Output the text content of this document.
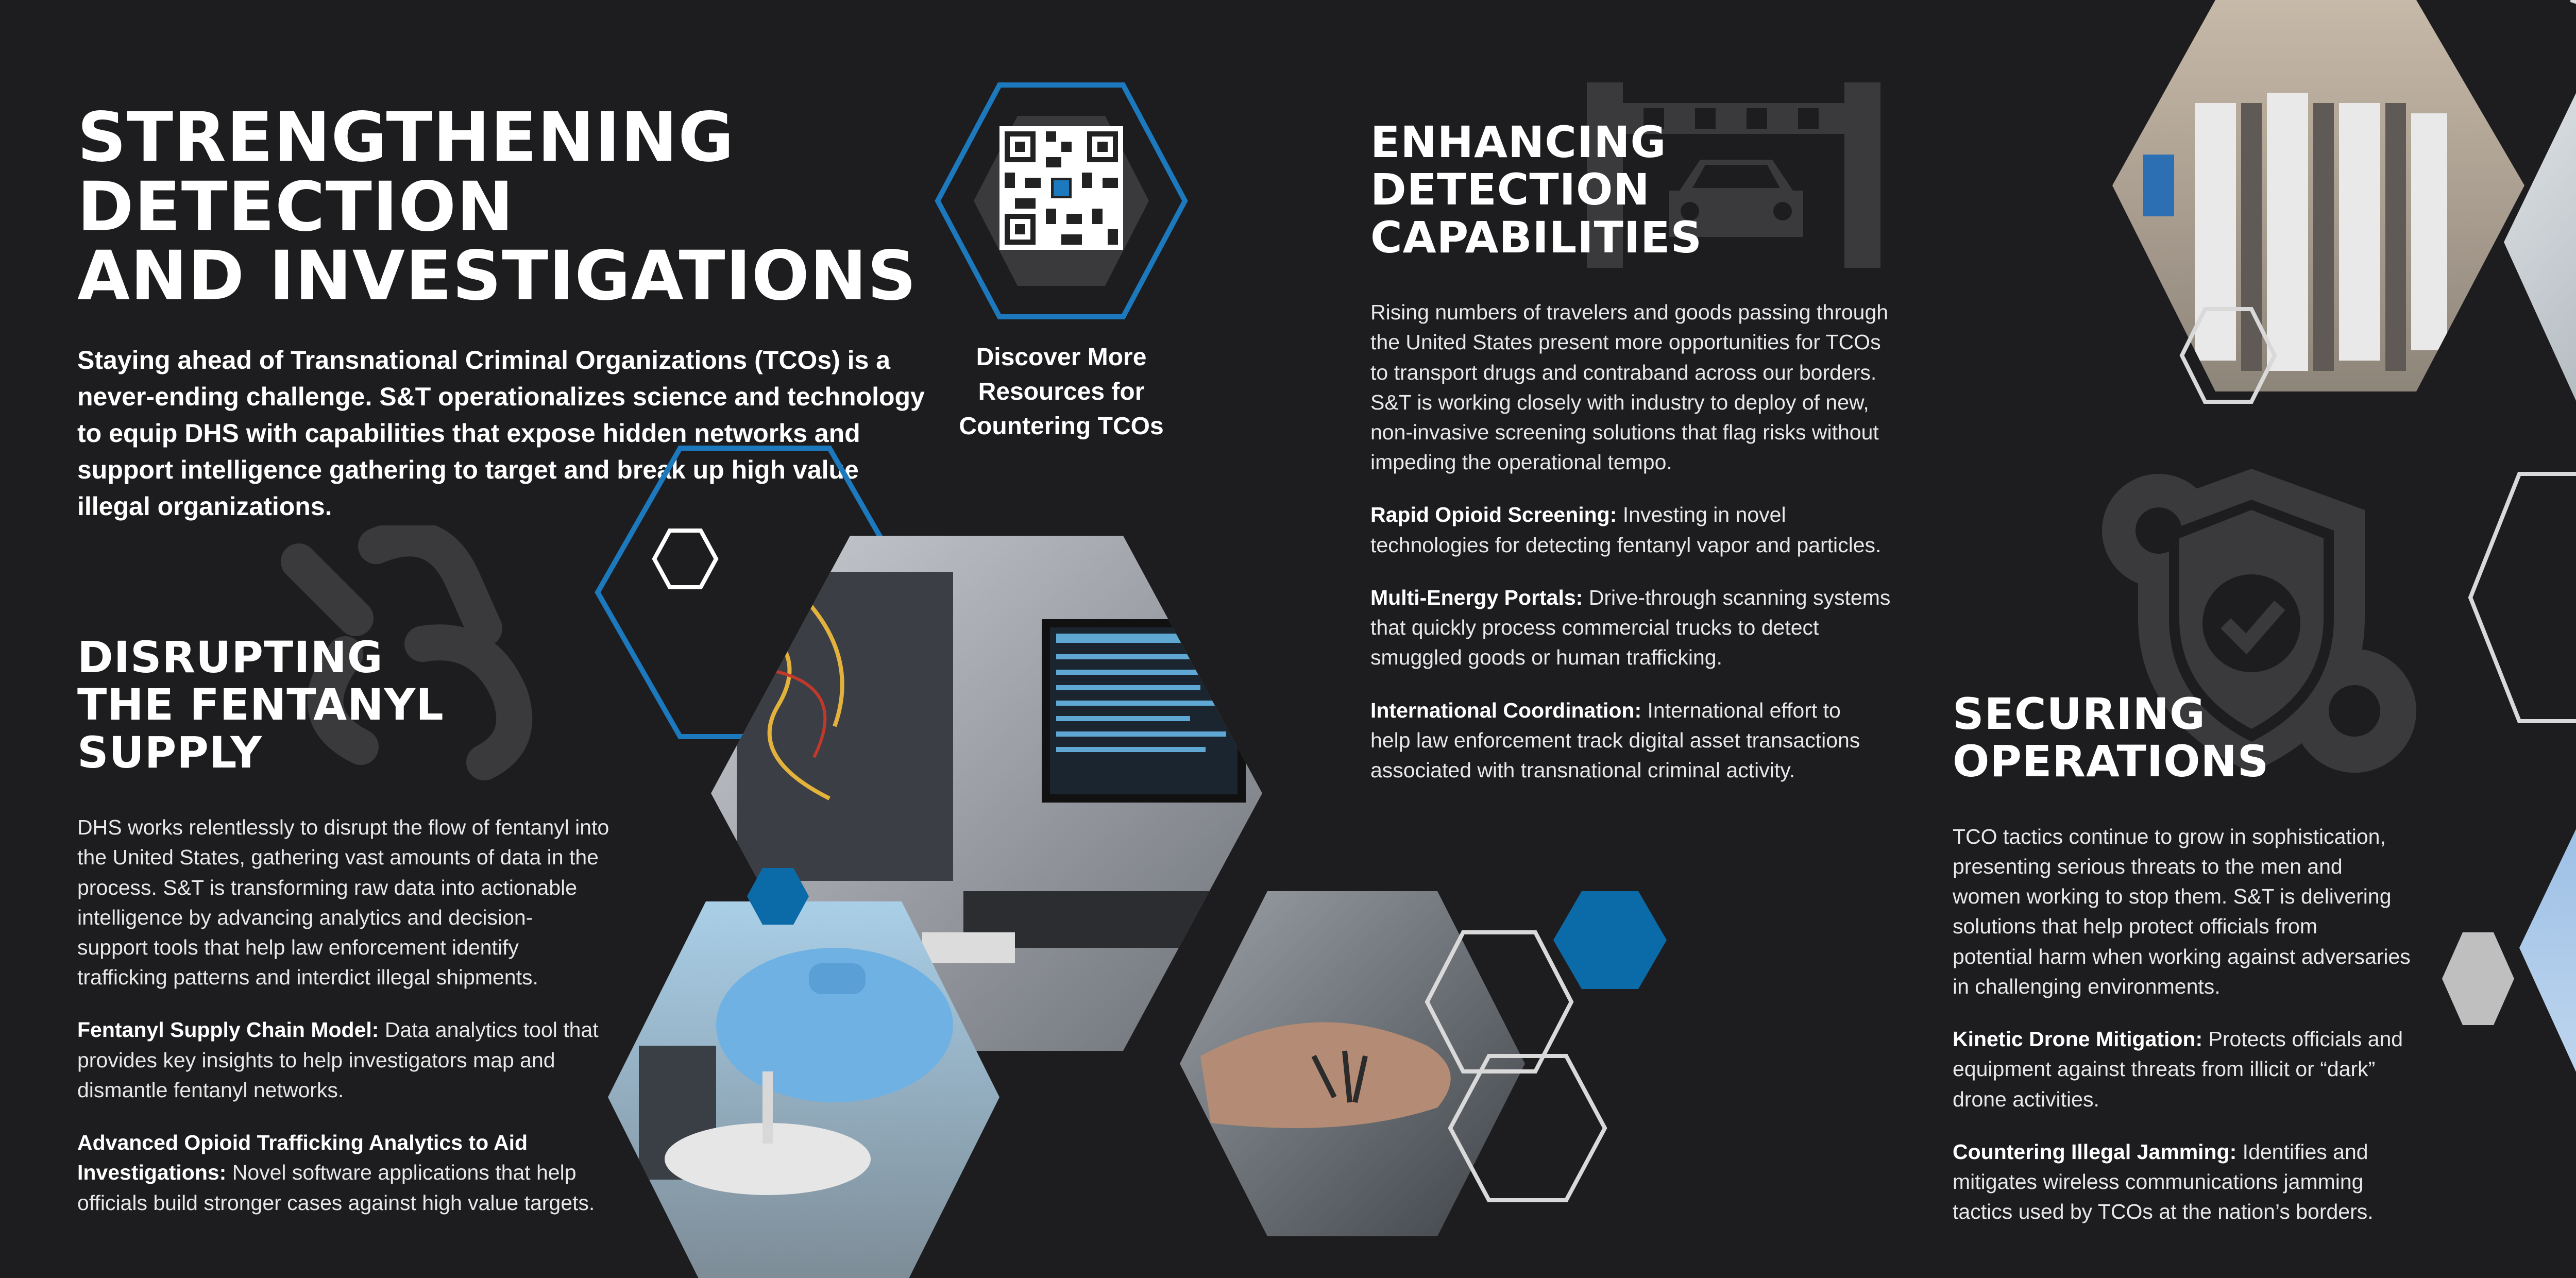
STRENGTHENING DETECTION
AND INVESTIGATIONS

Staying ahead of Transnational Criminal Organizations (TCOs) is a
never-ending challenge. S&T operationalizes science and technology
to equip DHS with capabilities that expose hidden networks and
support intelligence gathering to target and break up high value
illegal organizations.

Discover More
Resources for
Countering TCOs
DISRUPTING
THE FENTANYL
SUPPLY

DHS works relentlessly to disrupt the flow of fentanyl into
the United States, gathering vast amounts of data in the
process. S&T is transforming raw data into actionable
intelligence by advancing analytics and decision-
support tools that help law enforcement identify
trafficking patterns and interdict illegal shipments.

Fentanyl Supply Chain Model: Data analytics tool that
provides key insights to help investigators map and
dismantle fentanyl networks.

Advanced Opioid Trafficking Analytics to Aid
Investigations: Novel software applications that help
officials build stronger cases against high value targets.

ENHANCING
DETECTION
CAPABILITIES

Rising numbers of travelers and goods passing through
the United States present more opportunities for TCOs
to transport drugs and contraband across our borders.
S&T is working closely with industry to deploy of new,
non-invasive screening solutions that flag risks without
impeding the operational tempo.

Rapid Opioid Screening: Investing in novel
technologies for detecting fentanyl vapor and particles.

Multi-Energy Portals: Drive-through scanning systems
that quickly process commercial trucks to detect
smuggled goods or human trafficking.

International Coordination: International effort to
help law enforcement track digital asset transactions
associated with transnational criminal activity.

SECURING
OPERATIONS

TCO tactics continue to grow in sophistication,
presenting serious threats to the men and
women working to stop them. S&T is delivering
solutions that help protect officials from
potential harm when working against adversaries
in challenging environments.

Kinetic Drone Mitigation: Protects officials and
equipment against threats from illicit or “dark”
drone activities.

Countering Illegal Jamming: Identifies and
mitigates wireless communications jamming
tactics used by TCOs at the nation’s borders.
